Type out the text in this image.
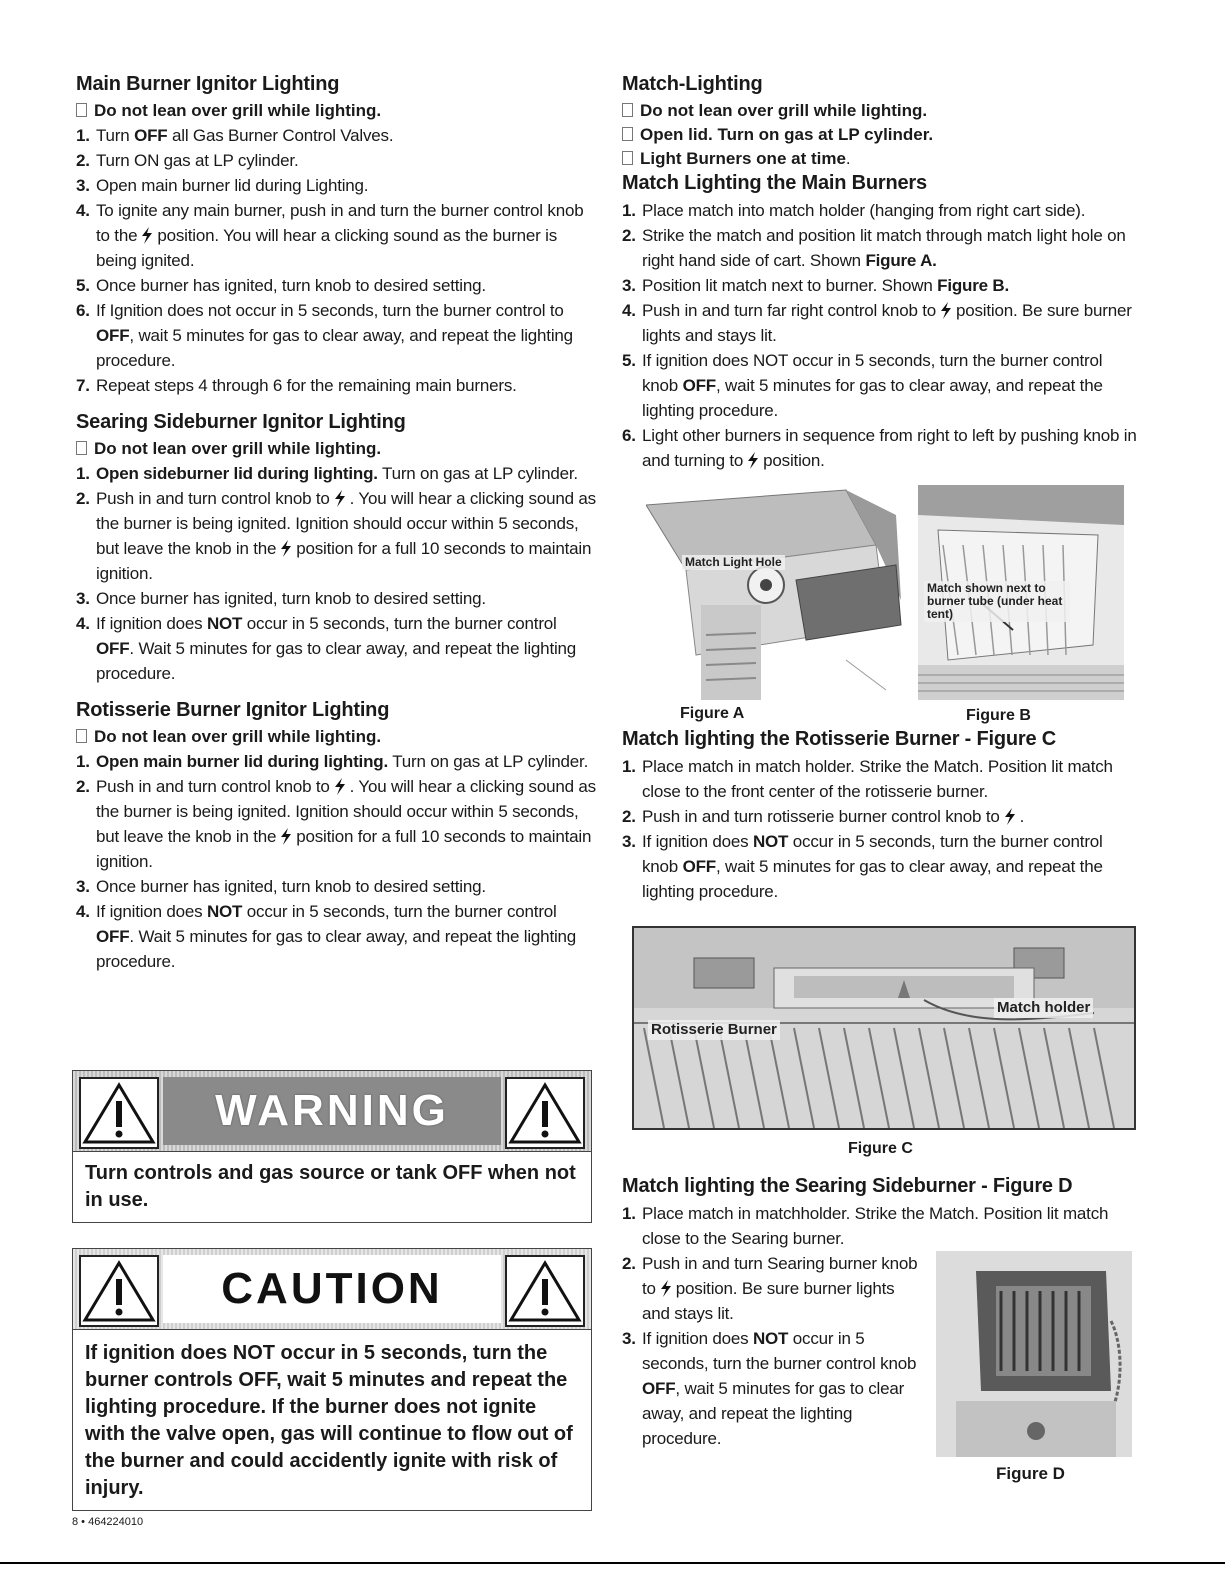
Main Burner Ignitor Lighting

Do not lean over grill while lighting.

1. Turn OFF all Gas Burner Control Valves.
2. Turn ON gas at LP cylinder.
3. Open main burner lid during Lighting.
4. To ignite any main burner, push in and turn the burner control knob to the position. You will hear a clicking sound as the burner is being ignited.
5. Once burner has ignited, turn knob to desired setting.
6. If Ignition does not occur in 5 seconds, turn the burner control to OFF, wait 5 minutes for gas to clear away, and repeat the lighting procedure.
7. Repeat steps 4 through 6 for the remaining main burners.
Searing Sideburner Ignitor Lighting

Do not lean over grill while lighting.

1. Open sideburner lid during lighting. Turn on gas at LP cylinder.
2. Push in and turn control knob to . You will hear a clicking sound as the burner is being ignited. Ignition should occur within 5 seconds, but leave the knob in the position for a full 10 seconds to maintain ignition.
3. Once burner has ignited, turn knob to desired setting.
4. If ignition does NOT occur in 5 seconds, turn the burner control OFF. Wait 5 minutes for gas to clear away, and repeat the lighting procedure.
Rotisserie Burner Ignitor Lighting

Do not lean over grill while lighting.

1. Open main burner lid during lighting. Turn on gas at LP cylinder.
2. Push in and turn control knob to . You will hear a clicking sound as the burner is being ignited. Ignition should occur within 5 seconds, but leave the knob in the position for a full 10 seconds to maintain ignition.
3. Once burner has ignited, turn knob to desired setting.
4. If ignition does NOT occur in 5 seconds, turn the burner control OFF. Wait 5 minutes for gas to clear away, and repeat the lighting procedure.
WARNING
Turn controls and gas source or tank OFF when not in use.
CAUTION
If ignition does NOT occur in 5 seconds, turn the burner controls OFF, wait 5 minutes and repeat the lighting procedure. If the burner does not ignite with the valve open, gas will continue to flow out of the burner and could accidently ignite with risk of injury.
Match-Lighting

Do not lean over grill while lighting.

Open lid. Turn on gas at LP cylinder.

Light Burners one at time.

Match Lighting the Main Burners
1. Place match into match holder (hanging from right cart side).
2. Strike the match and position lit match through match light hole on right hand side of cart. Shown Figure A.
3. Position lit match next to burner. Shown Figure B.
4. Push in and turn far right control knob to position. Be sure burner lights and stays lit.
5. If ignition does NOT occur in 5 seconds, turn the burner control knob OFF, wait 5 minutes for gas to clear away, and repeat the lighting procedure.
6. Light other burners in sequence from right to left by pushing knob in and turning to position.
Match Light Hole
Figure A
Match shown next to burner tube (under heat tent)
Figure B
Match lighting the Rotisserie Burner - Figure C
1. Place match in match holder. Strike the Match. Position lit match close to the front center of the rotisserie burner.
2. Push in and turn rotisserie burner control knob to .
3. If ignition does NOT occur in 5 seconds, turn the burner control knob OFF, wait 5 minutes for gas to clear away, and repeat the lighting procedure.
Match holder
Rotisserie Burner
Figure C
Match lighting the Searing Sideburner - Figure D
1. Place match in matchholder. Strike the Match. Position lit match close to the Searing burner.
2. Push in and turn Searing burner knob to position. Be sure burner lights and stays lit.
3. If ignition does NOT occur in 5 seconds, turn the burner control knob OFF, wait 5 minutes for gas to clear away, and repeat the lighting procedure.
Figure D
8 • 464224010
